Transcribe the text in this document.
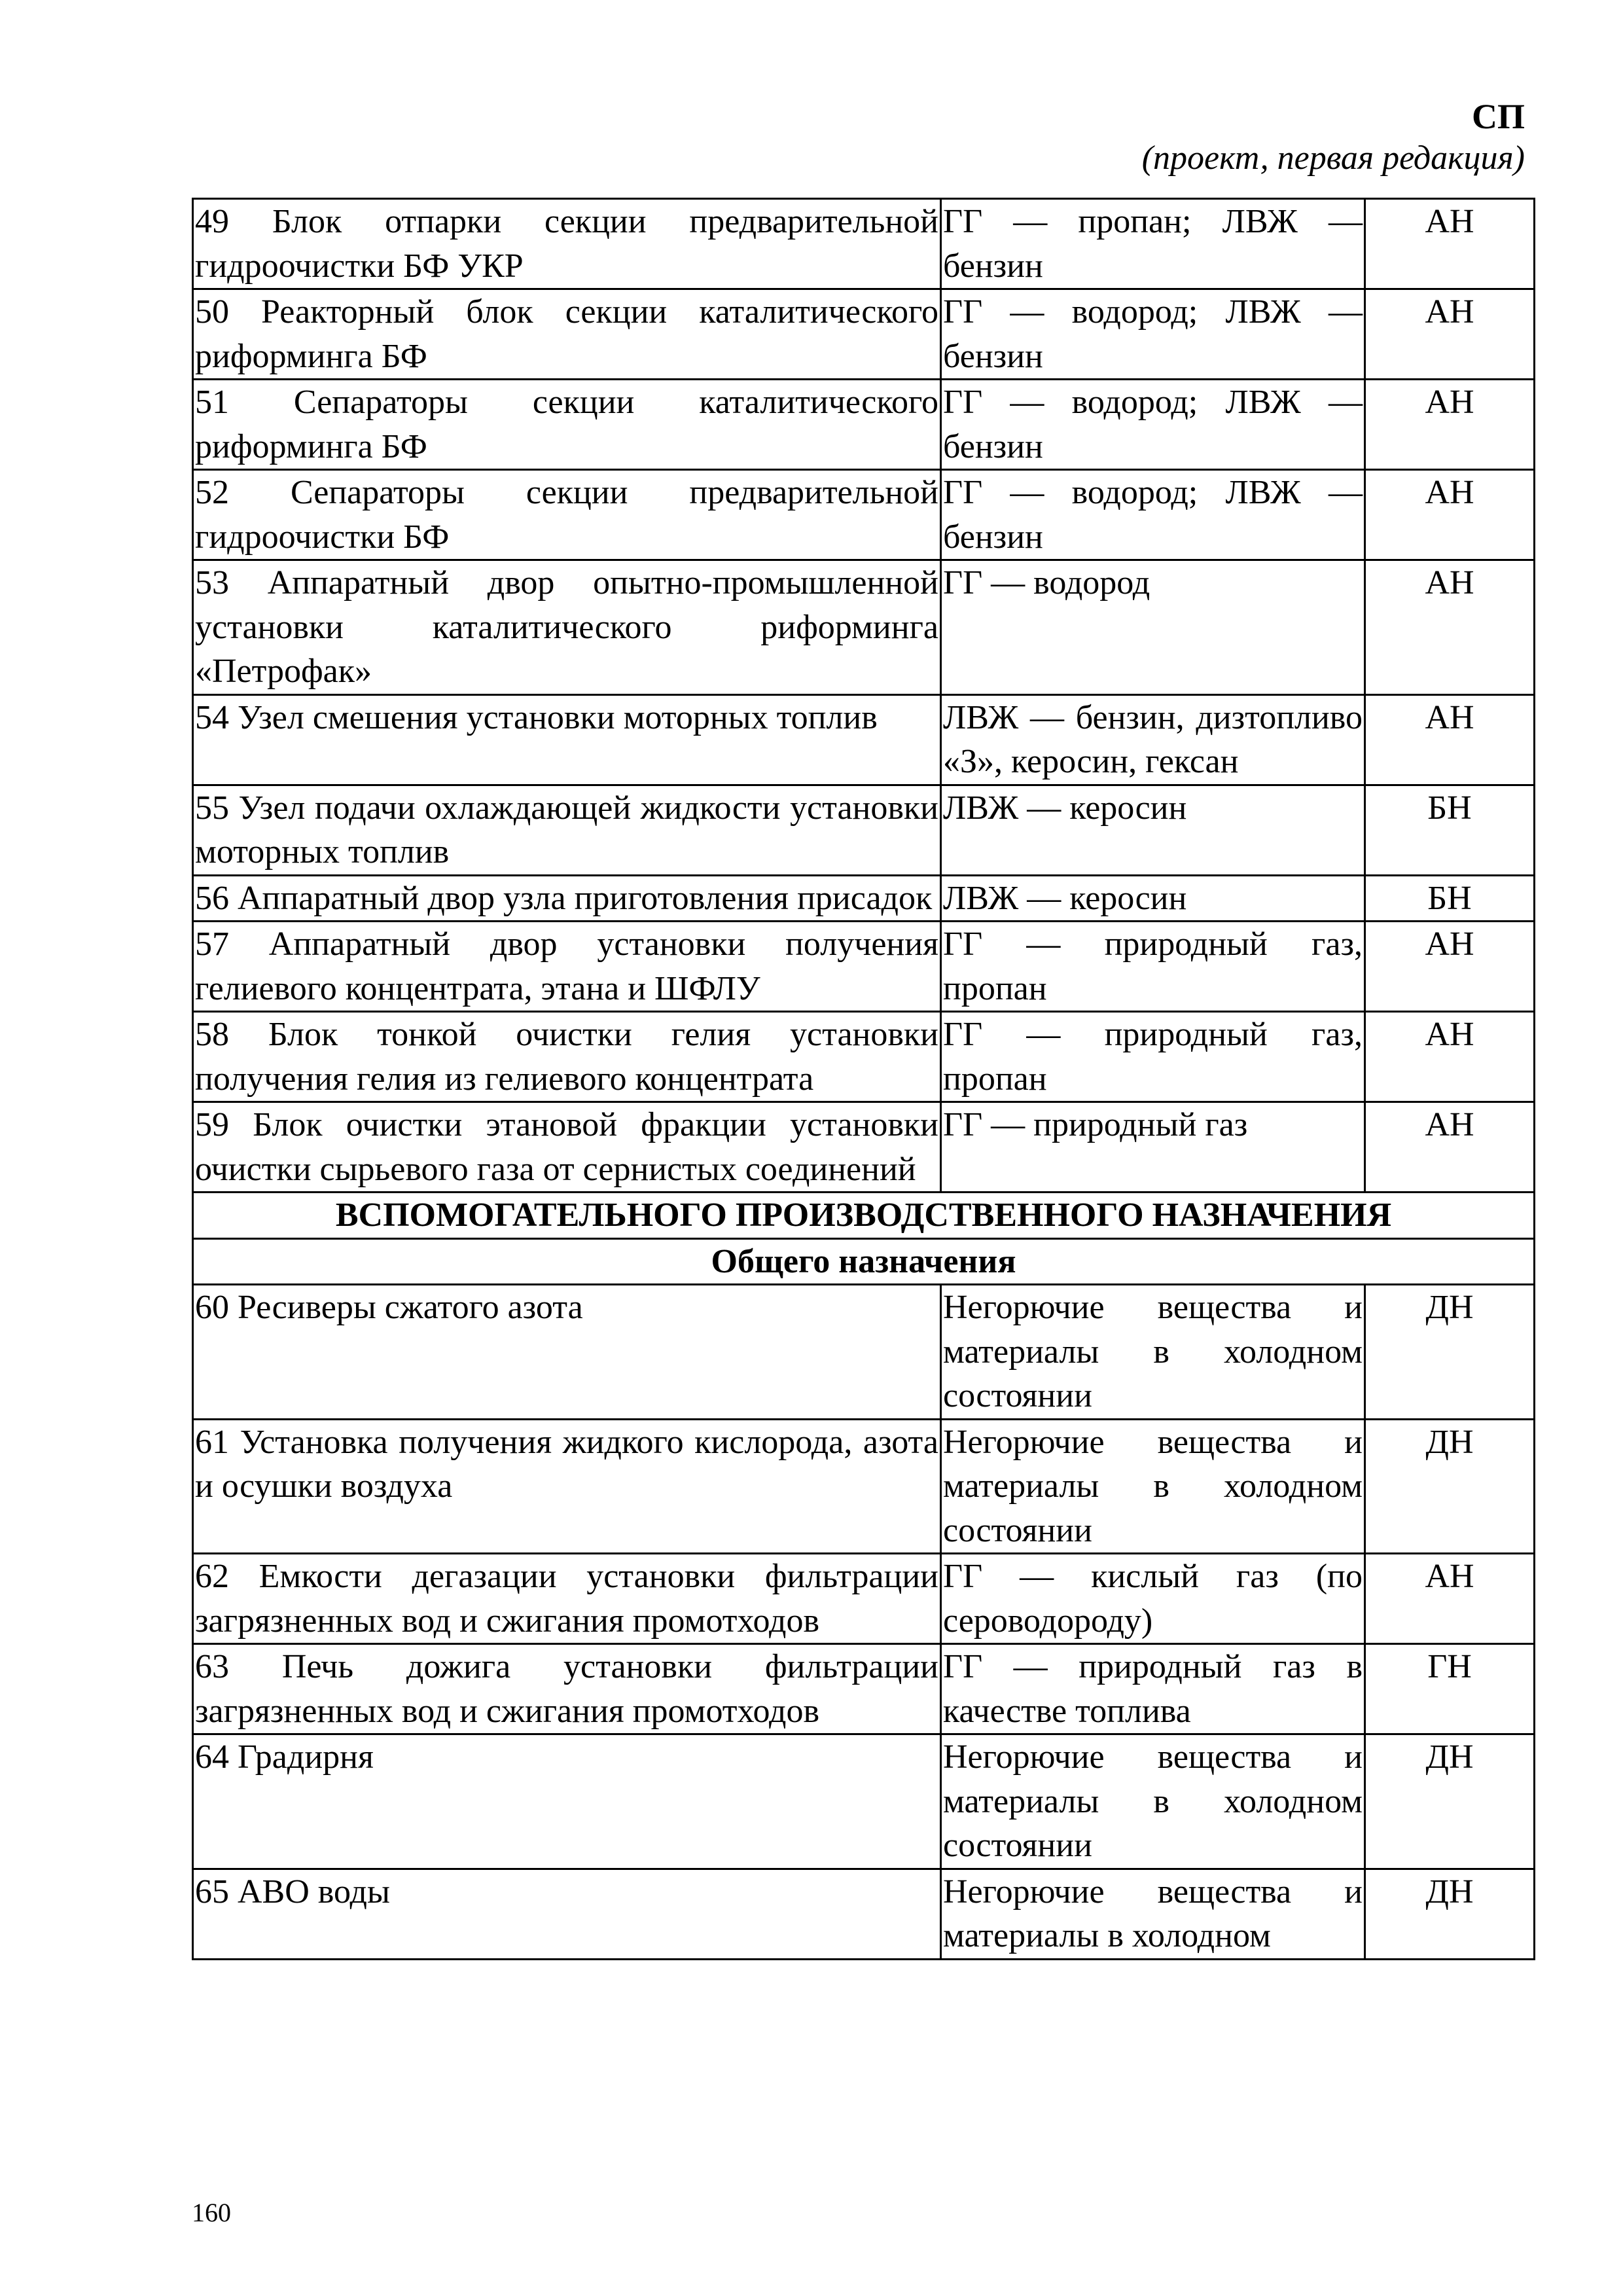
СП
(проект, первая редакция)
49 Блок отпарки секции предварительной гидроочистки БФ УКР	ГГ — пропан; ЛВЖ — бензин	АН
50 Реакторный блок секции каталитического риформинга БФ	ГГ — водород; ЛВЖ — бензин	АН
51 Сепараторы секции каталитического риформинга БФ	ГГ — водород; ЛВЖ — бензин	АН
52 Сепараторы секции предварительной гидроочистки БФ	ГГ — водород; ЛВЖ — бензин	АН
53 Аппаратный двор опытно-промышленной установки каталитического риформинга «Петрофак»	ГГ — водород	АН
54 Узел смешения установки моторных топлив	ЛВЖ — бензин, дизтопливо «З», керосин, гексан	АН
55 Узел подачи охлаждающей жидкости установки моторных топлив	ЛВЖ — керосин	БН
56 Аппаратный двор узла приготовления присадок	ЛВЖ — керосин	БН
57 Аппаратный двор установки получения гелиевого концентрата, этана и ШФЛУ	ГГ — природный газ, пропан	АН
58 Блок тонкой очистки гелия установки получения гелия из гелиевого концентрата	ГГ — природный газ, пропан	АН
59 Блок очистки этановой фракции установки очистки сырьевого газа от сернистых соединений	ГГ — природный газ	АН
ВСПОМОГАТЕЛЬНОГО ПРОИЗВОДСТВЕННОГО НАЗНАЧЕНИЯ		
Общего назначения		
60 Ресиверы сжатого азота	Негорючие вещества и материалы в холодном состоянии	ДН
61 Установка получения жидкого кислорода, азота и осушки воздуха	Негорючие вещества и материалы в холодном состоянии	ДН
62 Емкости дегазации установки фильтрации загрязненных вод и сжигания промотходов	ГГ — кислый газ (по сероводороду)	АН
63 Печь дожига установки фильтрации загрязненных вод и сжигания промотходов	ГГ — природный газ в качестве топлива	ГН
64 Градирня	Негорючие вещества и материалы в холодном состоянии	ДН
65 АВО воды	Негорючие вещества и материалы в холодном	ДН
160
